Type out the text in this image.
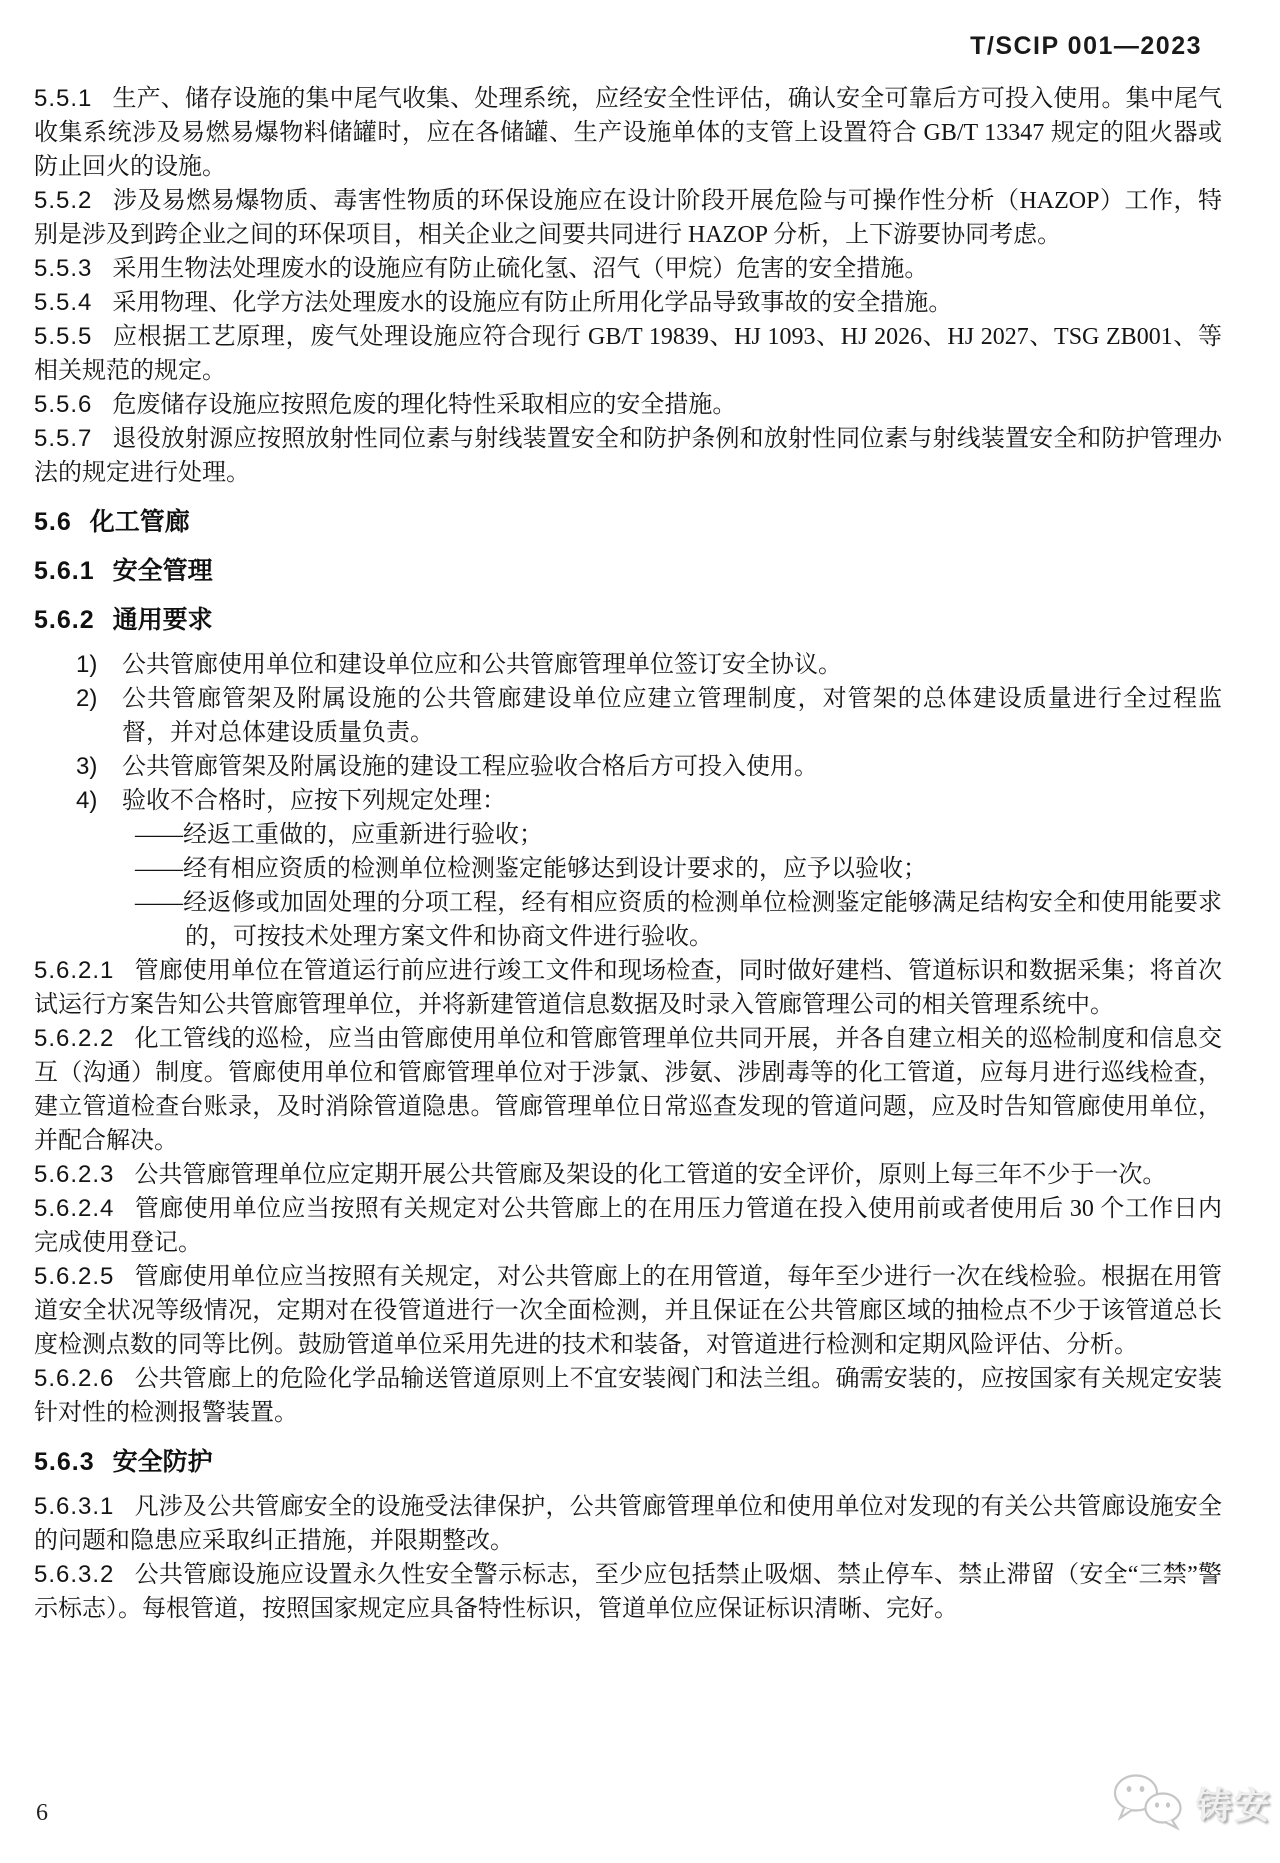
T/SCIP 001—2023

5.5.1 生产、储存设施的集中尾气收集、处理系统，应经安全性评估，确认安全可靠后方可投入使用。集中尾气收集系统涉及易燃易爆物料储罐时，应在各储罐、生产设施单体的支管上设置符合 GB/T 13347 规定的阻火器或防止回火的设施。

5.5.2 涉及易燃易爆物质、毒害性物质的环保设施应在设计阶段开展危险与可操作性分析（HAZOP）工作，特别是涉及到跨企业之间的环保项目，相关企业之间要共同进行 HAZOP 分析，上下游要协同考虑。

5.5.3 采用生物法处理废水的设施应有防止硫化氢、沼气（甲烷）危害的安全措施。

5.5.4 采用物理、化学方法处理废水的设施应有防止所用化学品导致事故的安全措施。

5.5.5 应根据工艺原理，废气处理设施应符合现行 GB/T 19839、HJ 1093、HJ 2026、HJ 2027、TSG ZB001、等相关规范的规定。

5.5.6 危废储存设施应按照危废的理化特性采取相应的安全措施。

5.5.7 退役放射源应按照放射性同位素与射线装置安全和防护条例和放射性同位素与射线装置安全和防护管理办法的规定进行处理。

5.6 化工管廊
5.6.1 安全管理
5.6.2 通用要求
1)	公共管廊使用单位和建设单位应和公共管廊管理单位签订安全协议。
2)	公共管廊管架及附属设施的公共管廊建设单位应建立管理制度，对管架的总体建设质量进行全过程监督，并对总体建设质量负责。
3)	公共管廊管架及附属设施的建设工程应验收合格后方可投入使用。
4)	验收不合格时，应按下列规定处理：

——经返工重做的，应重新进行验收；

——经有相应资质的检测单位检测鉴定能够达到设计要求的，应予以验收；

——经返修或加固处理的分项工程，经有相应资质的检测单位检测鉴定能够满足结构安全和使用能要求的，可按技术处理方案文件和协商文件进行验收。

5.6.2.1 管廊使用单位在管道运行前应进行竣工文件和现场检查，同时做好建档、管道标识和数据采集；将首次试运行方案告知公共管廊管理单位，并将新建管道信息数据及时录入管廊管理公司的相关管理系统中。

5.6.2.2 化工管线的巡检，应当由管廊使用单位和管廊管理单位共同开展，并各自建立相关的巡检制度和信息交互（沟通）制度。管廊使用单位和管廊管理单位对于涉氯、涉氨、涉剧毒等的化工管道，应每月进行巡线检查，建立管道检查台账录，及时消除管道隐患。管廊管理单位日常巡查发现的管道问题，应及时告知管廊使用单位，并配合解决。

5.6.2.3 公共管廊管理单位应定期开展公共管廊及架设的化工管道的安全评价，原则上每三年不少于一次。

5.6.2.4 管廊使用单位应当按照有关规定对公共管廊上的在用压力管道在投入使用前或者使用后 30 个工作日内完成使用登记。

5.6.2.5 管廊使用单位应当按照有关规定，对公共管廊上的在用管道，每年至少进行一次在线检验。根据在用管道安全状况等级情况，定期对在役管道进行一次全面检测，并且保证在公共管廊区域的抽检点不少于该管道总长度检测点数的同等比例。鼓励管道单位采用先进的技术和装备，对管道进行检测和定期风险评估、分析。

5.6.2.6 公共管廊上的危险化学品输送管道原则上不宜安装阀门和法兰组。确需安装的，应按国家有关规定安装针对性的检测报警装置。

5.6.3 安全防护

5.6.3.1 凡涉及公共管廊安全的设施受法律保护，公共管廊管理单位和使用单位对发现的有关公共管廊设施安全的问题和隐患应采取纠正措施，并限期整改。

5.6.3.2 公共管廊设施应设置永久性安全警示标志，至少应包括禁止吸烟、禁止停车、禁止滞留（安全“三禁”警示标志）。每根管道，按照国家规定应具备特性标识，管道单位应保证标识清晰、完好。

6	铸安
